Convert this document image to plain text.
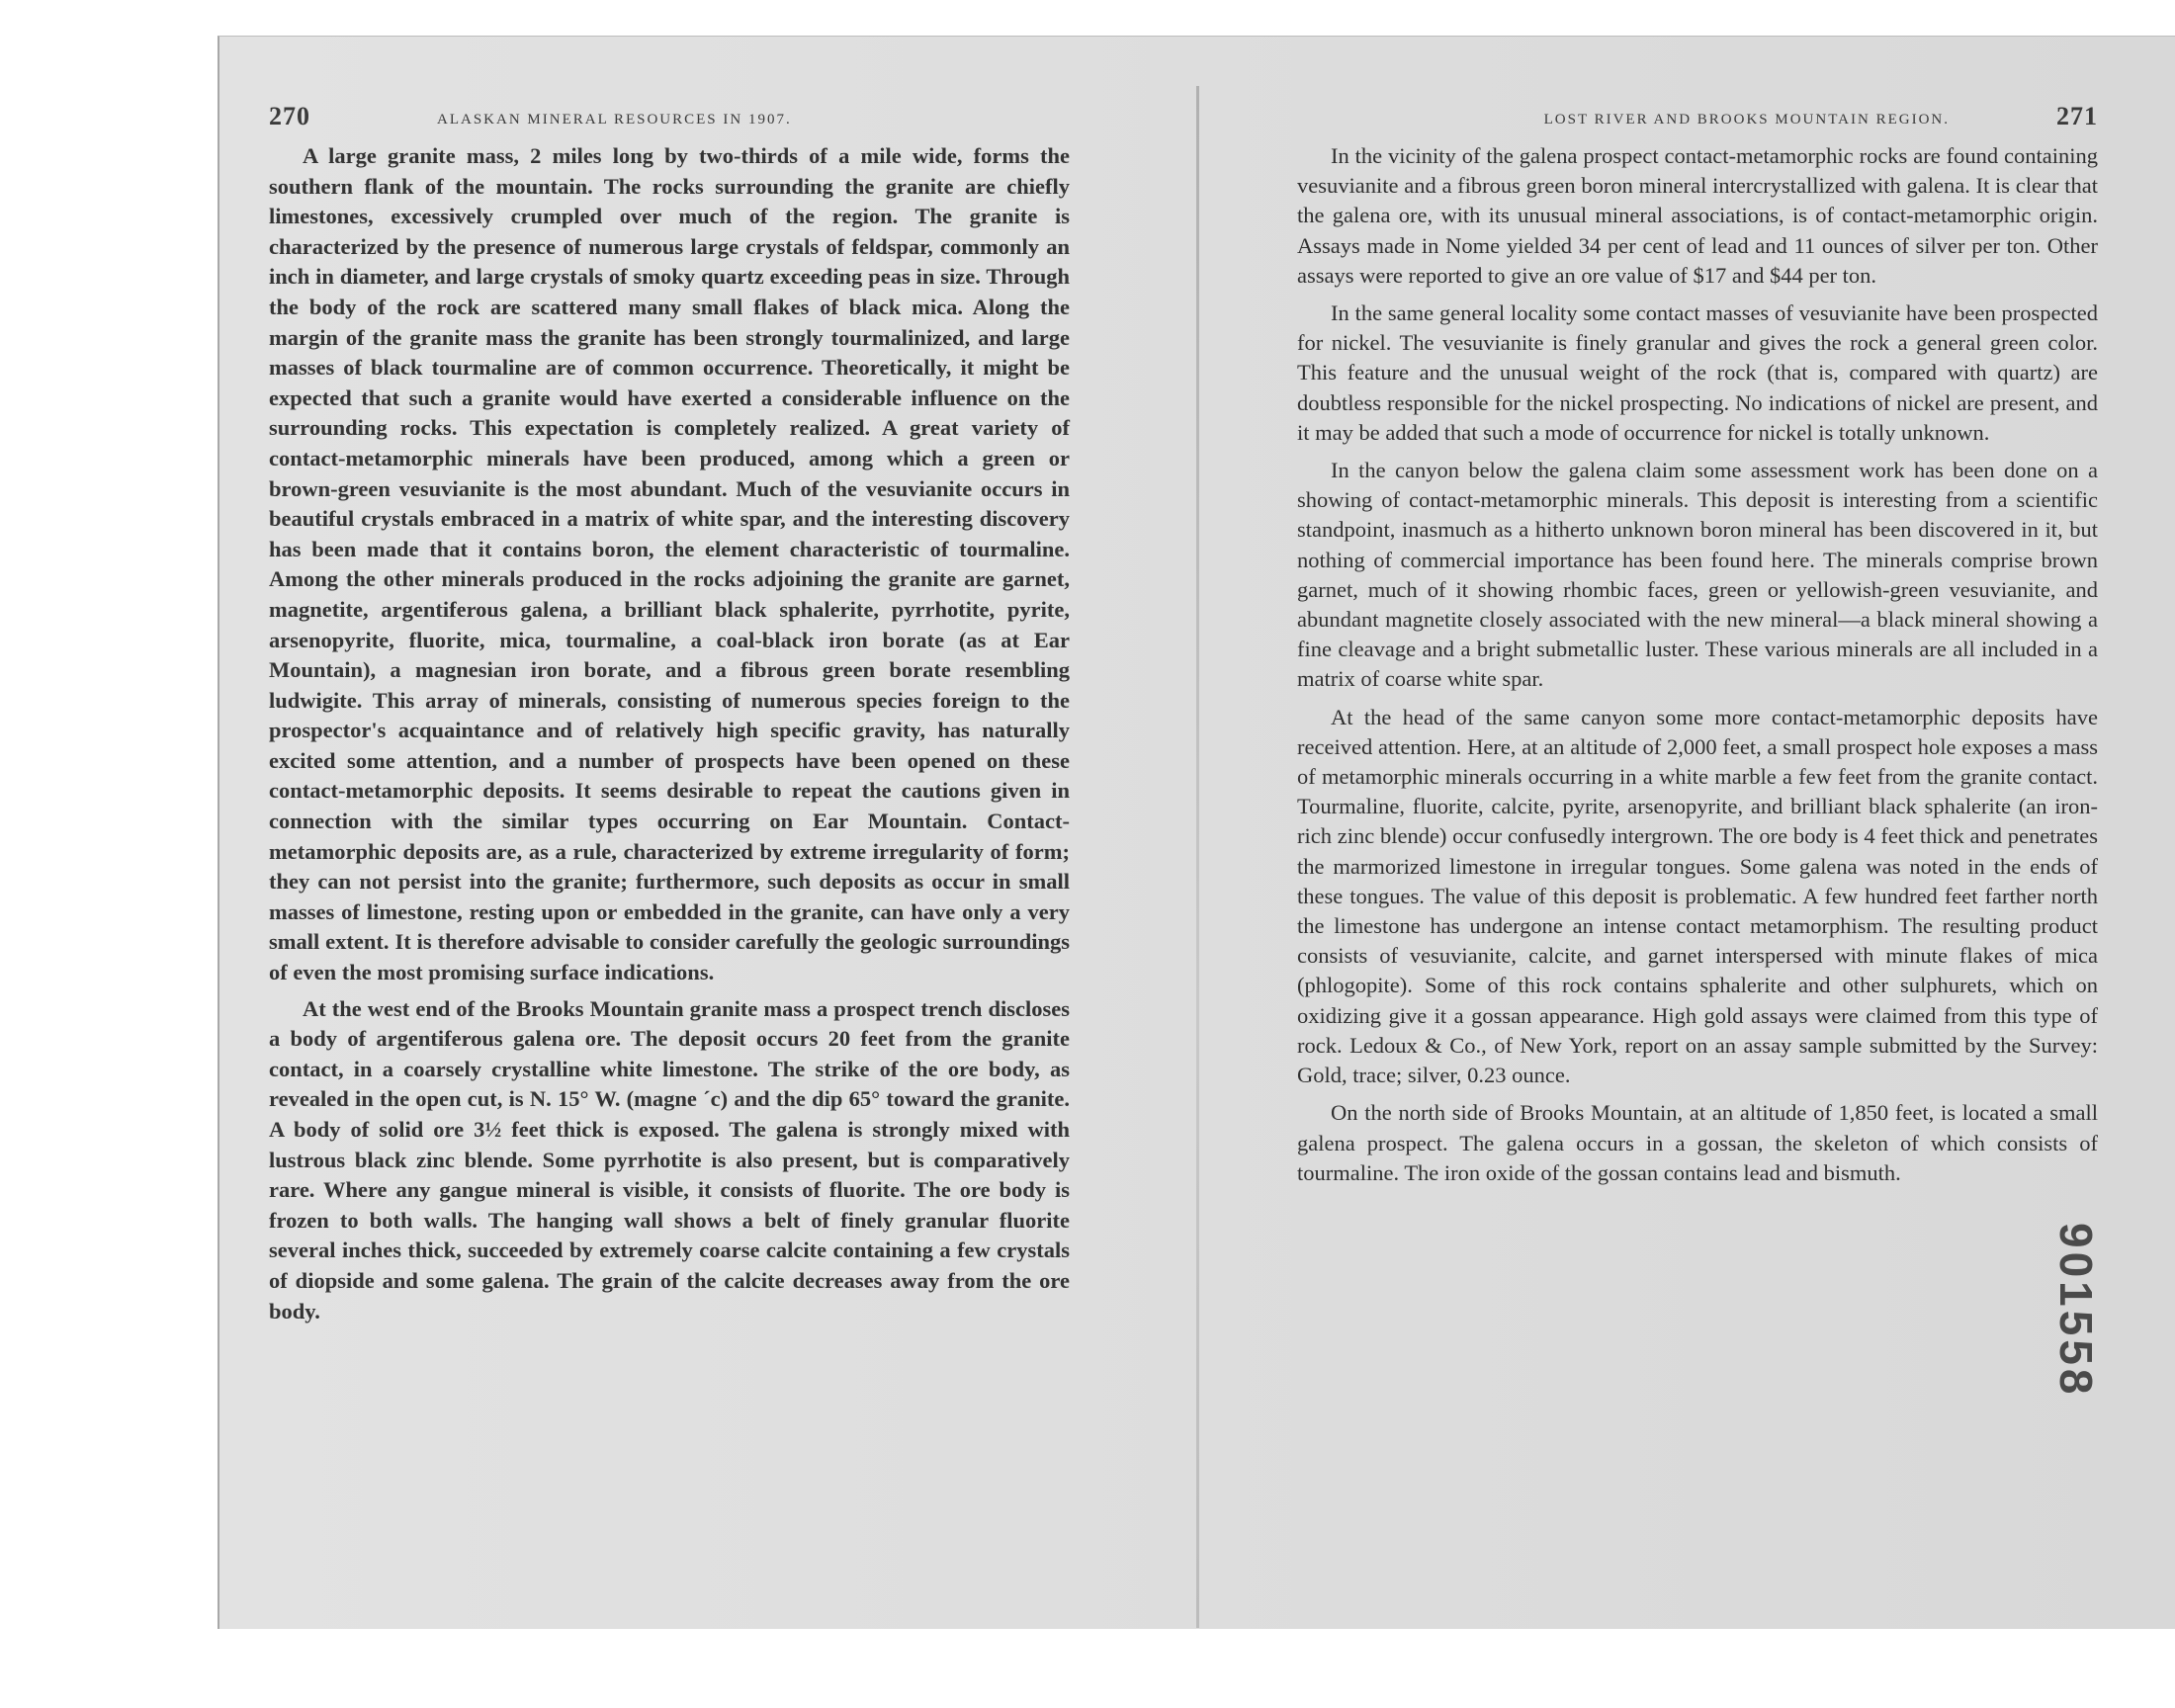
270	ALASKAN MINERAL RESOURCES IN 1907.

A large granite mass, 2 miles long by two-thirds of a mile wide, forms the southern flank of the mountain. The rocks surrounding the granite are chiefly limestones, excessively crumpled over much of the region. The granite is characterized by the presence of numerous large crystals of feldspar, commonly an inch in diameter, and large crystals of smoky quartz exceeding peas in size. Through the body of the rock are scattered many small flakes of black mica. Along the margin of the granite mass the granite has been strongly tourmalinized, and large masses of black tourmaline are of common occurrence. Theoretically, it might be expected that such a granite would have exerted a considerable influence on the surrounding rocks. This expectation is completely realized. A great variety of contact-metamorphic minerals have been produced, among which a green or brown-green vesuvianite is the most abundant. Much of the vesuvianite occurs in beautiful crystals embraced in a matrix of white spar, and the interesting discovery has been made that it contains boron, the element characteristic of tourmaline. Among the other minerals produced in the rocks adjoining the granite are garnet, magnetite, argentiferous galena, a brilliant black sphalerite, pyrrhotite, pyrite, arsenopyrite, fluorite, mica, tourmaline, a coal-black iron borate (as at Ear Mountain), a magnesian iron borate, and a fibrous green borate resembling ludwigite. This array of minerals, consisting of numerous species foreign to the prospector's acquaintance and of relatively high specific gravity, has naturally excited some attention, and a number of prospects have been opened on these contact-metamorphic deposits. It seems desirable to repeat the cautions given in connection with the similar types occurring on Ear Mountain. Contact-metamorphic deposits are, as a rule, characterized by extreme irregularity of form; they can not persist into the granite; furthermore, such deposits as occur in small masses of limestone, resting upon or embedded in the granite, can have only a very small extent. It is therefore advisable to consider carefully the geologic surroundings of even the most promising surface indications.

At the west end of the Brooks Mountain granite mass a prospect trench discloses a body of argentiferous galena ore. The deposit occurs 20 feet from the granite contact, in a coarsely crystalline white limestone. The strike of the ore body, as revealed in the open cut, is N. 15° W. (magne ´c) and the dip 65° toward the granite. A body of solid ore 3½ feet thick is exposed. The galena is strongly mixed with lustrous black zinc blende. Some pyrrhotite is also present, but is comparatively rare. Where any gangue mineral is visible, it consists of fluorite. The ore body is frozen to both walls. The hanging wall shows a belt of finely granular fluorite several inches thick, succeeded by extremely coarse calcite containing a few crystals of diopside and some galena. The grain of the calcite decreases away from the ore body.

LOST RIVER AND BROOKS MOUNTAIN REGION.	271

In the vicinity of the galena prospect contact-metamorphic rocks are found containing vesuvianite and a fibrous green boron mineral intercrystallized with galena. It is clear that the galena ore, with its unusual mineral associations, is of contact-metamorphic origin. Assays made in Nome yielded 34 per cent of lead and 11 ounces of silver per ton. Other assays were reported to give an ore value of $17 and $44 per ton.

In the same general locality some contact masses of vesuvianite have been prospected for nickel. The vesuvianite is finely granular and gives the rock a general green color. This feature and the unusual weight of the rock (that is, compared with quartz) are doubtless responsible for the nickel prospecting. No indications of nickel are present, and it may be added that such a mode of occurrence for nickel is totally unknown.

In the canyon below the galena claim some assessment work has been done on a showing of contact-metamorphic minerals. This deposit is interesting from a scientific standpoint, inasmuch as a hitherto unknown boron mineral has been discovered in it, but nothing of commercial importance has been found here. The minerals comprise brown garnet, much of it showing rhombic faces, green or yellowish-green vesuvianite, and abundant magnetite closely associated with the new mineral—a black mineral showing a fine cleavage and a bright submetallic luster. These various minerals are all included in a matrix of coarse white spar.

At the head of the same canyon some more contact-metamorphic deposits have received attention. Here, at an altitude of 2,000 feet, a small prospect hole exposes a mass of metamorphic minerals occurring in a white marble a few feet from the granite contact. Tourmaline, fluorite, calcite, pyrite, arsenopyrite, and brilliant black sphalerite (an iron-rich zinc blende) occur confusedly intergrown. The ore body is 4 feet thick and penetrates the marmorized limestone in irregular tongues. Some galena was noted in the ends of these tongues. The value of this deposit is problematic. A few hundred feet farther north the limestone has undergone an intense contact metamorphism. The resulting product consists of vesuvianite, calcite, and garnet interspersed with minute flakes of mica (phlogopite). Some of this rock contains sphalerite and other sulphurets, which on oxidizing give it a gossan appearance. High gold assays were claimed from this type of rock. Ledoux & Co., of New York, report on an assay sample submitted by the Survey: Gold, trace; silver, 0.23 ounce.

On the north side of Brooks Mountain, at an altitude of 1,850 feet, is located a small galena prospect. The galena occurs in a gossan, the skeleton of which consists of tourmaline. The iron oxide of the gossan contains lead and bismuth.

901558
